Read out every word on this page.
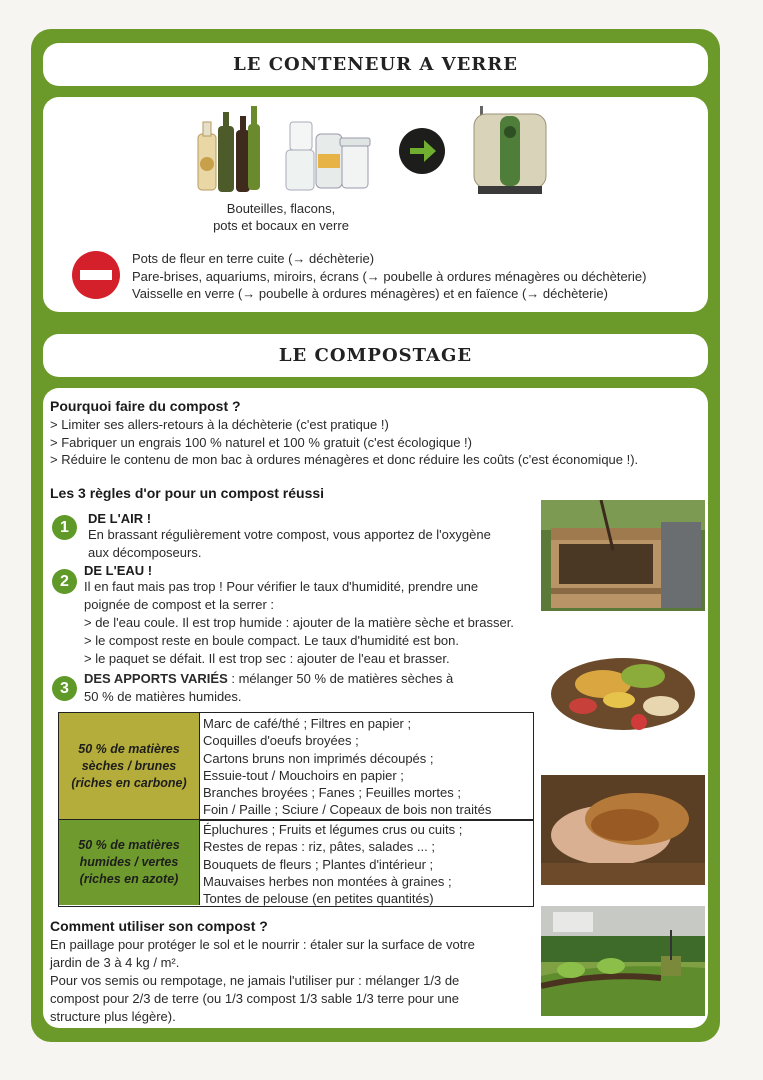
LE CONTENEUR A VERRE
Bouteilles, flacons,
pots et bocaux en verre
Pots de fleur en terre cuite (→ déchèterie)
Pare-brises, aquariums, miroirs, écrans (→ poubelle à ordures ménagères ou déchèterie)
Vaisselle en verre (→ poubelle à ordures ménagères) et en faïence (→ déchèterie)
LE COMPOSTAGE
Pourquoi faire du compost ?
> Limiter ses allers-retours à la déchèterie (c'est pratique !)
> Fabriquer un engrais 100 % naturel et 100 % gratuit (c'est écologique !)
> Réduire le contenu de mon bac à ordures ménagères et donc réduire les coûts (c'est économique !).
Les 3 règles d'or pour un compost réussi
1	DE L'AIR !
En brassant régulièrement votre compost, vous apportez de l'oxygène
aux décomposeurs.
2
DE L'EAU !
Il en faut mais pas trop ! Pour vérifier le taux d'humidité, prendre une
poignée de compost et la serrer :
> de l'eau coule. Il est trop humide : ajouter de la matière sèche et brasser.
> le compost reste en boule compact. Le taux d'humidité est bon.
> le paquet se défait. Il est trop sec : ajouter de l'eau et brasser.
3
DES APPORTS VARIÉS : mélanger 50 % de matières sèches à
50 % de matières humides.
50 % de matières
sèches / brunes
(riches en carbone)
Marc de café/thé ; Filtres en papier ;
Coquilles d'oeufs broyées ;
Cartons bruns non imprimés découpés ;
Essuie-tout / Mouchoirs en papier ;
Branches broyées ; Fanes ; Feuilles mortes ;
Foin / Paille ; Sciure / Copeaux de bois non traités
50 % de matières
humides / vertes
(riches en azote)
Épluchures ; Fruits et légumes crus ou cuits ;
Restes de repas : riz, pâtes, salades ... ;
Bouquets de fleurs ; Plantes d'intérieur ;
Mauvaises herbes non montées à graines ;
Tontes de pelouse (en petites quantités)
Comment utiliser son compost ?
En paillage pour protéger le sol et le nourrir : étaler sur la surface de votre
jardin de 3 à 4 kg / m².
Pour vos semis ou rempotage, ne jamais l'utiliser pur : mélanger 1/3 de
compost pour 2/3 de terre (ou 1/3 compost 1/3 sable 1/3 terre pour une
structure plus légère).
